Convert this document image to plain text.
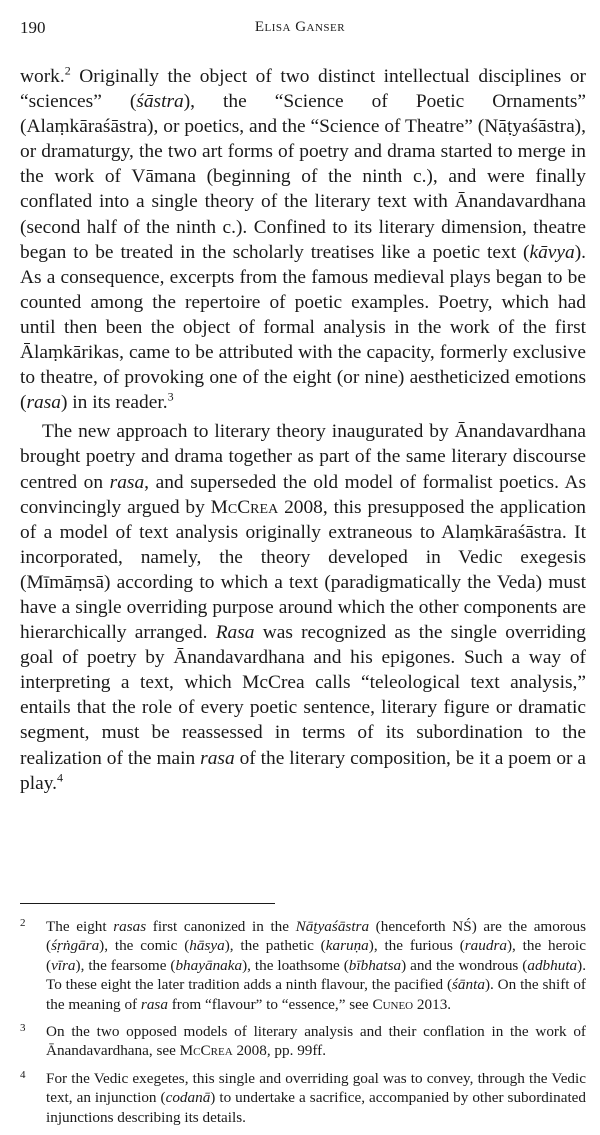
190	Elisa Ganser

work.$^2$ Originally the object of two distinct intellectual disciplines or “sciences” (śāstra), the “Science of Poetic Ornaments” (Alaṃkāraśāstra), or poetics, and the “Science of Theatre” (Nāṭyaśāstra), or dramaturgy, the two art forms of poetry and drama started to merge in the work of Vāmana (beginning of the ninth c.), and were finally conflated into a single theory of the literary text with Ānandavardhana (second half of the ninth c.). Confined to its literary dimension, theatre began to be treated in the scholarly treatises like a poetic text (kāvya). As a consequence, excerpts from the famous medieval plays began to be counted among the repertoire of poetic examples. Poetry, which had until then been the object of formal analysis in the work of the first Ālaṃkārikas, came to be attributed with the capacity, formerly exclusive to theatre, of provoking one of the eight (or nine) aestheticized emotions (rasa) in its reader.$^3$

The new approach to literary theory inaugurated by Ānandavardhana brought poetry and drama together as part of the same literary discourse centred on rasa, and superseded the old model of formalist poetics. As convincingly argued by McCrea 2008, this presupposed the application of a model of text analysis originally extraneous to Alaṃkāraśāstra. It incorporated, namely, the theory developed in Vedic exegesis (Mīmāṃsā) according to which a text (paradigmatically the Veda) must have a single overriding purpose around which the other components are hierarchically arranged. Rasa was recognized as the single overriding goal of poetry by Ānandavardhana and his epigones. Such a way of interpreting a text, which McCrea calls “teleological text analysis,” entails that the role of every poetic sentence, literary figure or dramatic segment, must be reassessed in terms of its subordination to the realization of the main rasa of the literary composition, be it a poem or a play.$^4$

2 The eight rasas first canonized in the Nāṭyaśāstra (henceforth NŚ) are the amorous (śṛṅgāra), the comic (hāsya), the pathetic (karuṇa), the furious (raudra), the heroic (vīra), the fearsome (bhayānaka), the loathsome (bībhatsa) and the wondrous (adbhuta). To these eight the later tradition adds a ninth flavour, the pacified (śānta). On the shift of the meaning of rasa from “flavour” to “essence,” see Cuneo 2013.
3 On the two opposed models of literary analysis and their conflation in the work of Ānandavardhana, see McCrea 2008, pp. 99ff.
4 For the Vedic exegetes, this single and overriding goal was to convey, through the Vedic text, an injunction (codanā) to undertake a sacrifice, accompanied by other subordinated injunctions describing its details.
